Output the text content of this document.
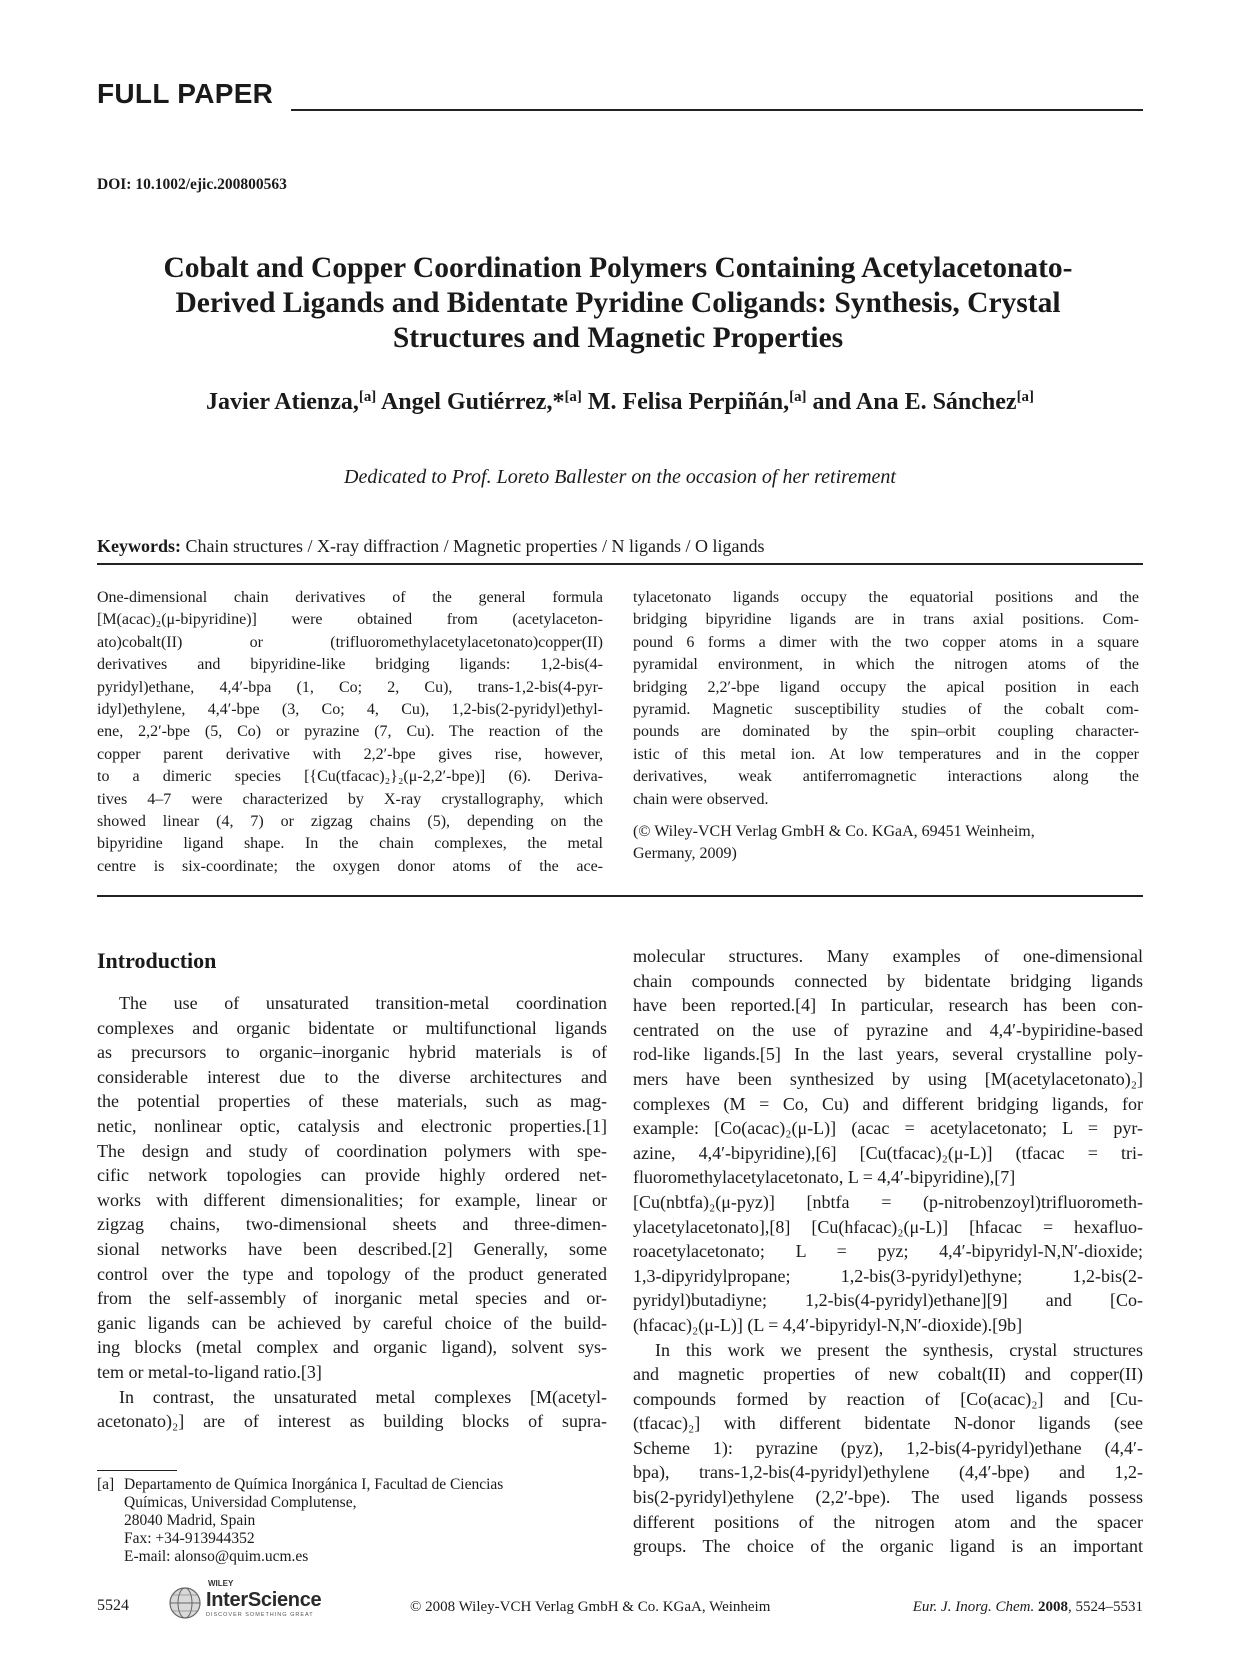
FULL PAPER
DOI: 10.1002/ejic.200800563
Cobalt and Copper Coordination Polymers Containing Acetylacetonato-Derived Ligands and Bidentate Pyridine Coligands: Synthesis, Crystal Structures and Magnetic Properties
Javier Atienza,[a] Angel Gutiérrez,*[a] M. Felisa Perpiñán,[a] and Ana E. Sánchez[a]
Dedicated to Prof. Loreto Ballester on the occasion of her retirement
Keywords: Chain structures / X-ray diffraction / Magnetic properties / N ligands / O ligands
One-dimensional chain derivatives of the general formula
[M(acac)₂(μ-bipyridine)] were obtained from (acetylaceton-
ato)cobalt(II) or (trifluoromethylacetylacetonato)copper(II)
derivatives and bipyridine-like bridging ligands: 1,2-bis(4-
pyridyl)ethane, 4,4′-bpa (1, Co; 2, Cu), trans-1,2-bis(4-pyr-
idyl)ethylene, 4,4′-bpe (3, Co; 4, Cu), 1,2-bis(2-pyridyl)ethyl-
ene, 2,2′-bpe (5, Co) or pyrazine (7, Cu). The reaction of the
copper parent derivative with 2,2′-bpe gives rise, however,
to a dimeric species [{Cu(tfacac)₂}₂(μ-2,2′-bpe)] (6). Deriva-
tives 4–7 were characterized by X-ray crystallography, which
showed linear (4, 7) or zigzag chains (5), depending on the
bipyridine ligand shape. In the chain complexes, the metal
centre is six-coordinate; the oxygen donor atoms of the ace-
tylacetonato ligands occupy the equatorial positions and the
bridging bipyridine ligands are in trans axial positions. Com-
pound 6 forms a dimer with the two copper atoms in a square
pyramidal environment, in which the nitrogen atoms of the
bridging 2,2′-bpe ligand occupy the apical position in each
pyramid. Magnetic susceptibility studies of the cobalt com-
pounds are dominated by the spin–orbit coupling character-
istic of this metal ion. At low temperatures and in the copper
derivatives, weak antiferromagnetic interactions along the
chain were observed.
(© Wiley-VCH Verlag GmbH & Co. KGaA, 69451 Weinheim,
Germany, 2009)
Introduction
The use of unsaturated transition-metal coordination
complexes and organic bidentate or multifunctional ligands
as precursors to organic–inorganic hybrid materials is of
considerable interest due to the diverse architectures and
the potential properties of these materials, such as mag-
netic, nonlinear optic, catalysis and electronic properties.[1]
The design and study of coordination polymers with spe-
cific network topologies can provide highly ordered net-
works with different dimensionalities; for example, linear or
zigzag chains, two-dimensional sheets and three-dimen-
sional networks have been described.[2] Generally, some
control over the type and topology of the product generated
from the self-assembly of inorganic metal species and or-
ganic ligands can be achieved by careful choice of the build-
ing blocks (metal complex and organic ligand), solvent sys-
tem or metal-to-ligand ratio.[3]
In contrast, the unsaturated metal complexes [M(acetyl-
acetonato)₂] are of interest as building blocks of supra-
molecular structures. Many examples of one-dimensional
chain compounds connected by bidentate bridging ligands
have been reported.[4] In particular, research has been con-
centrated on the use of pyrazine and 4,4′-bypiridine-based
rod-like ligands.[5] In the last years, several crystalline poly-
mers have been synthesized by using [M(acetylacetonato)₂]
complexes (M = Co, Cu) and different bridging ligands, for
example: [Co(acac)₂(μ-L)] (acac = acetylacetonato; L = pyr-
azine, 4,4′-bipyridine),[6] [Cu(tfacac)₂(μ-L)] (tfacac = tri-
fluoromethylacetylacetonato, L = 4,4′-bipyridine),[7]
[Cu(nbtfa)₂(μ-pyz)] [nbtfa = (p-nitrobenzoyl)trifluorometh-
ylacetylacetonato],[8] [Cu(hfacac)₂(μ-L)] [hfacac = hexafluo-
roacetylacetonato; L = pyz; 4,4′-bipyridyl-N,N′-dioxide;
1,3-dipyridylpropane; 1,2-bis(3-pyridyl)ethyne; 1,2-bis(2-
pyridyl)butadiyne; 1,2-bis(4-pyridyl)ethane][9] and [Co-
(hfacac)₂(μ-L)] (L = 4,4′-bipyridyl-N,N′-dioxide).[9b]
In this work we present the synthesis, crystal structures
and magnetic properties of new cobalt(II) and copper(II)
compounds formed by reaction of [Co(acac)₂] and [Cu-
(tfacac)₂] with different bidentate N-donor ligands (see
Scheme 1): pyrazine (pyz), 1,2-bis(4-pyridyl)ethane (4,4′-
bpa), trans-1,2-bis(4-pyridyl)ethylene (4,4′-bpe) and 1,2-
bis(2-pyridyl)ethylene (2,2′-bpe). The used ligands possess
different positions of the nitrogen atom and the spacer
groups. The choice of the organic ligand is an important
[a] Departamento de Química Inorgánica I, Facultad de Ciencias
Químicas, Universidad Complutense,
28040 Madrid, Spain
Fax: +34-913944352
E-mail: alonso@quim.ucm.es
5524
WILEY
InterScience
DISCOVER SOMETHING GREAT	© 2008 Wiley-VCH Verlag GmbH & Co. KGaA, Weinheim	Eur. J. Inorg. Chem. 2008, 5524–5531
